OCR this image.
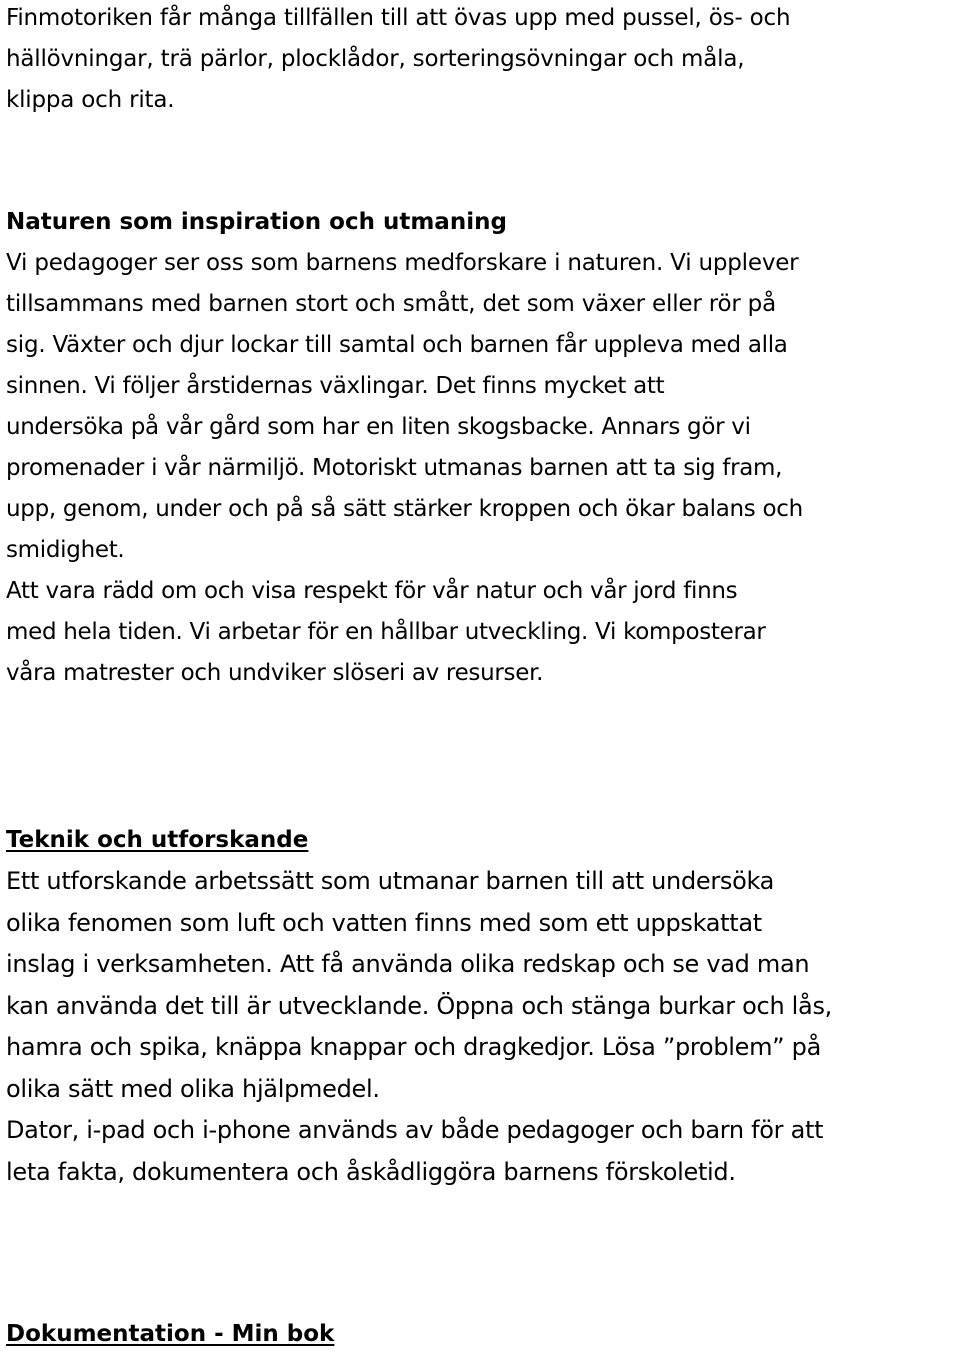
Finmotoriken får många tillfällen till att övas upp med pussel, ös- och
hällövningar, trä pärlor, plocklådor, sorteringsövningar och måla,
klippa och rita.
Naturen som inspiration och utmaning
Vi pedagoger ser oss som barnens medforskare i naturen. Vi upplever
tillsammans med barnen stort och smått, det som växer eller rör på
sig. Växter och djur lockar till samtal och barnen får uppleva med alla
sinnen. Vi följer årstidernas växlingar. Det finns mycket att
undersöka på vår gård som har en liten skogsbacke. Annars gör vi
promenader i vår närmiljö. Motoriskt utmanas barnen att ta sig fram,
upp, genom, under och på så sätt stärker kroppen och ökar balans och
smidighet.
Att vara rädd om och visa respekt för vår natur och vår jord finns
med hela tiden. Vi arbetar för en hållbar utveckling. Vi komposterar
våra matrester och undviker slöseri av resurser.
Teknik och utforskande
Ett utforskande arbetssätt som utmanar barnen till att undersöka
olika fenomen som luft och vatten finns med som ett uppskattat
inslag i verksamheten. Att få använda olika redskap och se vad man
kan använda det till är utvecklande. Öppna och stänga burkar och lås,
hamra och spika, knäppa knappar och dragkedjor. Lösa ”problem” på
olika sätt med olika hjälpmedel.
Dator, i-pad och i-phone används av både pedagoger och barn för att
leta fakta, dokumentera och åskådliggöra barnens förskoletid.
Dokumentation - Min bok
